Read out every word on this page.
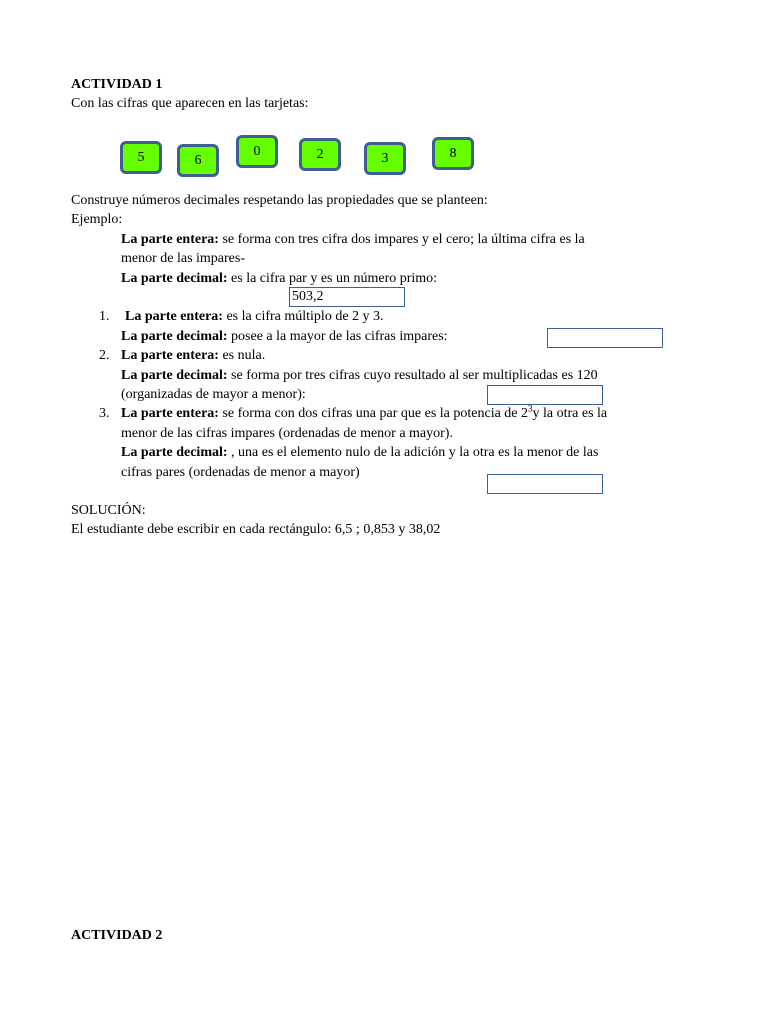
ACTIVIDAD 1
Con las cifras que aparecen en las tarjetas:
5	6
0	2	3	8
Construye números decimales respetando las propiedades que se planteen:
Ejemplo:
La parte entera: se forma con tres cifra dos impares y el cero; la última cifra es la
menor de las impares-
La parte decimal: es la cifra par y es un número primo:
503,2
1. La parte entera: es la cifra múltiplo de 2 y 3.
La parte decimal: posee a la mayor de las cifras impares:
2. La parte entera: es nula.
La parte decimal: se forma por tres cifras cuyo resultado al ser multiplicadas es 120
(organizadas de mayor a menor):
3. La parte entera: se forma con dos cifras una par que es la potencia de $2^3y$ la otra es la
menor de las cifras impares (ordenadas de menor a mayor).
La parte decimal: , una es el elemento nulo de la adición y la otra es la menor de las
cifras pares (ordenadas de menor a mayor)
SOLUCIÓN:
El estudiante debe escribir en cada rectángulo: 6,5 ; 0,853 y 38,02
ACTIVIDAD 2
